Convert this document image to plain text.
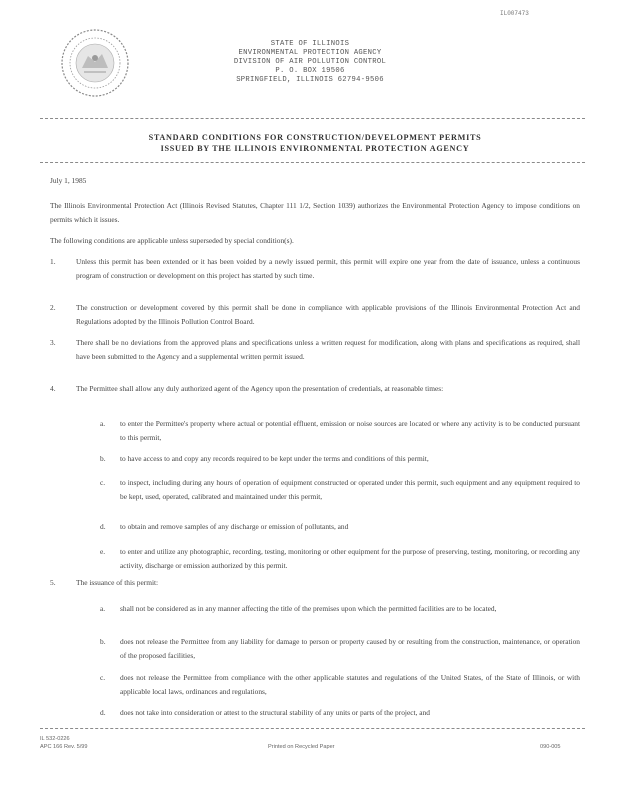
IL007473
STATE OF ILLINOIS
ENVIRONMENTAL PROTECTION AGENCY
DIVISION OF AIR POLLUTION CONTROL
P. O. BOX 19506
SPRINGFIELD, ILLINOIS 62794-9506
STANDARD CONDITIONS FOR CONSTRUCTION/DEVELOPMENT PERMITS
ISSUED BY THE ILLINOIS ENVIRONMENTAL PROTECTION AGENCY
July 1, 1985

The Illinois Environmental Protection Act (Illinois Revised Statutes, Chapter 111 1/2, Section 1039) authorizes the Environmental Protection Agency to impose conditions on permits which it issues.

The following conditions are applicable unless superseded by special condition(s).

1.	Unless this permit has been extended or it has been voided by a newly issued permit, this permit will expire one year from the date of issuance, unless a continuous program of construction or development on this project has started by such time.

2.	The construction or development covered by this permit shall be done in compliance with applicable provisions of the Illinois Environmental Protection Act and Regulations adopted by the Illinois Pollution Control Board.

3.	There shall be no deviations from the approved plans and specifications unless a written request for modification, along with plans and specifications as required, shall have been submitted to the Agency and a supplemental written permit issued.

4.	The Permittee shall allow any duly authorized agent of the Agency upon the presentation of credentials, at reasonable times:

a. to enter the Permittee's property where actual or potential effluent, emission or noise sources are located or where any activity is to be conducted pursuant to this permit,

b. to have access to and copy any records required to be kept under the terms and conditions of this permit,

c. to inspect, including during any hours of operation of equipment constructed or operated under this permit, such equipment and any equipment required to be kept, used, operated, calibrated and maintained under this permit,

d. to obtain and remove samples of any discharge or emission of pollutants, and

e. to enter and utilize any photographic, recording, testing, monitoring or other equipment for the purpose of preserving, testing, monitoring, or recording any activity, discharge or emission authorized by this permit.

5.	The issuance of this permit:

a. shall not be considered as in any manner affecting the title of the premises upon which the permitted facilities are to be located,

b. does not release the Permittee from any liability for damage to person or property caused by or resulting from the construction, maintenance, or operation of the proposed facilities,

c. does not release the Permittee from compliance with the other applicable statutes and regulations of the United States, of the State of Illinois, or with applicable local laws, ordinances and regulations,

d. does not take into consideration or attest to the structural stability of any units or parts of the project, and

IL 532-0226
APC 166 Rev. 5/99	Printed on Recycled Paper	090-005
